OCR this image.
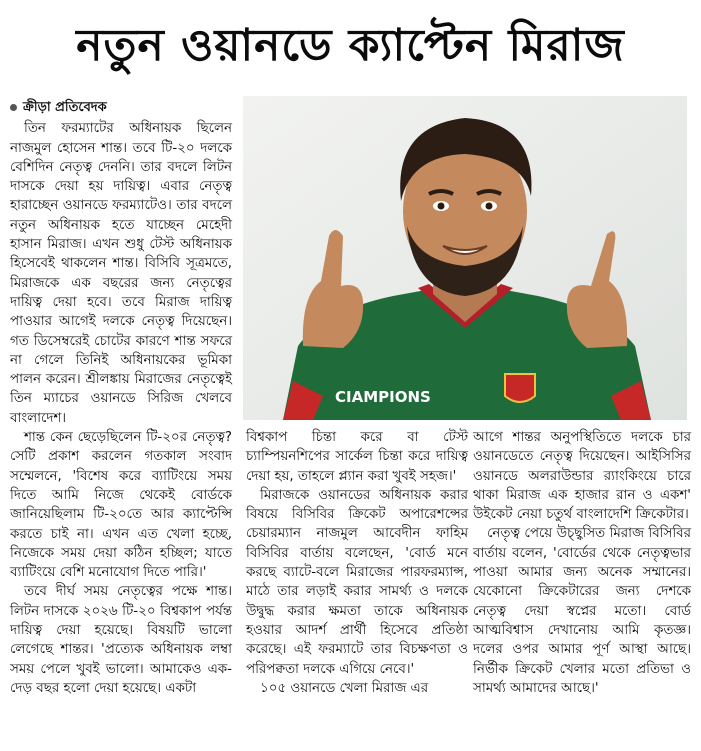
নতুন ওয়ানডে ক্যাপ্টেন মিরাজ
ক্রীড়া প্রতিবেদক

তিন ফরম্যাটের অধিনায়ক ছিলেন নাজমুল হোসেন শান্ত। তবে টি-২০ দলকে বেশিদিন নেতৃত্ব দেননি। তার বদলে লিটন দাসকে দেয়া হয় দায়িত্ব। এবার নেতৃত্ব হারাচ্ছেন ওয়ানডে ফরম্যাটেও। তার বদলে নতুন অধিনায়ক হতে যাচ্ছেন মেহেদী হাসান মিরাজ। এখন শুধু টেস্ট অধিনায়ক হিসেবেই থাকলেন শান্ত। বিসিবি সূত্রমতে, মিরাজকে এক বছরের জন্য নেতৃত্বের দায়িত্ব দেয়া হবে। তবে মিরাজ দায়িত্ব পাওয়ার আগেই দলকে নেতৃত্ব দিয়েছেন। গত ডিসেম্বরেই চোটের কারণে শান্ত সফরে না গেলে তিনিই অধিনায়কের ভূমিকা পালন করেন। শ্রীলঙ্কায় মিরাজের নেতৃত্বেই তিন ম্যাচের ওয়ানডে সিরিজ খেলবে বাংলাদেশ।

শান্ত কেন ছেড়েছিলেন টি-২০র নেতৃত্ব? সেটি প্রকাশ করলেন গতকাল সংবাদ সম্মেলনে, 'বিশেষ করে ব্যাটিংয়ে সময় দিতে আমি নিজে থেকেই বোর্ডকে জানিয়েছিলাম টি-২০তে আর ক্যাপ্টেন্সি করতে চাই না। এখন এত খেলা হচ্ছে, নিজেকে সময় দেয়া কঠিন হচ্ছিল; যাতে ব্যাটিংয়ে বেশি মনোযোগ দিতে পারি।'

তবে দীর্ঘ সময় নেতৃত্বের পক্ষে শান্ত। লিটন দাসকে ২০২৬ টি-২০ বিশ্বকাপ পর্যন্ত দায়িত্ব দেয়া হয়েছে। বিষয়টি ভালো লেগেছে শান্তর। 'প্রত্যেক অধিনায়ক লম্বা সময় পেলে খুবই ভালো। আমাকেও এক-দেড় বছর হলো দেয়া হয়েছে। একটা

CIAMPIONS

বিশ্বকাপ চিন্তা করে বা টেস্ট চ্যাম্পিয়নশিপের সার্কেল চিন্তা করে দায়িত্ব দেয়া হয়, তাহলে প্ল্যান করা খুবই সহজ।'

মিরাজকে ওয়ানডের অধিনায়ক করার বিষয়ে বিসিবির ক্রিকেট অপারেশন্সের চেয়ারম্যান নাজমুল আবেদীন ফাহিম বিসিবির বার্তায় বলেছেন, 'বোর্ড মনে করছে ব্যাটে-বলে মিরাজের পারফরম্যান্স, মাঠে তার লড়াই করার সামর্থ্য ও দলকে উদ্বুদ্ধ করার ক্ষমতা তাকে অধিনায়ক হওয়ার আদর্শ প্রার্থী হিসেবে প্রতিষ্ঠা করেছে। এই ফরম্যাটে তার বিচক্ষণতা ও পরিপক্বতা দলকে এগিয়ে নেবে।'

১০৫ ওয়ানডে খেলা মিরাজ এর

আগে শান্তর অনুপস্থিতিতে দলকে চার ওয়ানডেতে নেতৃত্ব দিয়েছেন। আইসিসির ওয়ানডে অলরাউন্ডার র‍্যাংকিংয়ে চারে থাকা মিরাজ এক হাজার রান ও একশ' উইকেট নেয়া চতুর্থ বাংলাদেশি ক্রিকেটার।

নেতৃত্ব পেয়ে উচ্ছ্বসিত মিরাজ বিসিবির বার্তায় বলেন, 'বোর্ডের থেকে নেতৃত্বভার পাওয়া আমার জন্য অনেক সম্মানের। যেকোনো ক্রিকেটারের জন্য দেশকে নেতৃত্ব দেয়া স্বপ্নের মতো। বোর্ড আত্মবিশ্বাস দেখানোয় আমি কৃতজ্ঞ। দলের ওপর আমার পূর্ণ আস্থা আছে। নির্ভীক ক্রিকেট খেলার মতো প্রতিভা ও সামর্থ্য আমাদের আছে।'
